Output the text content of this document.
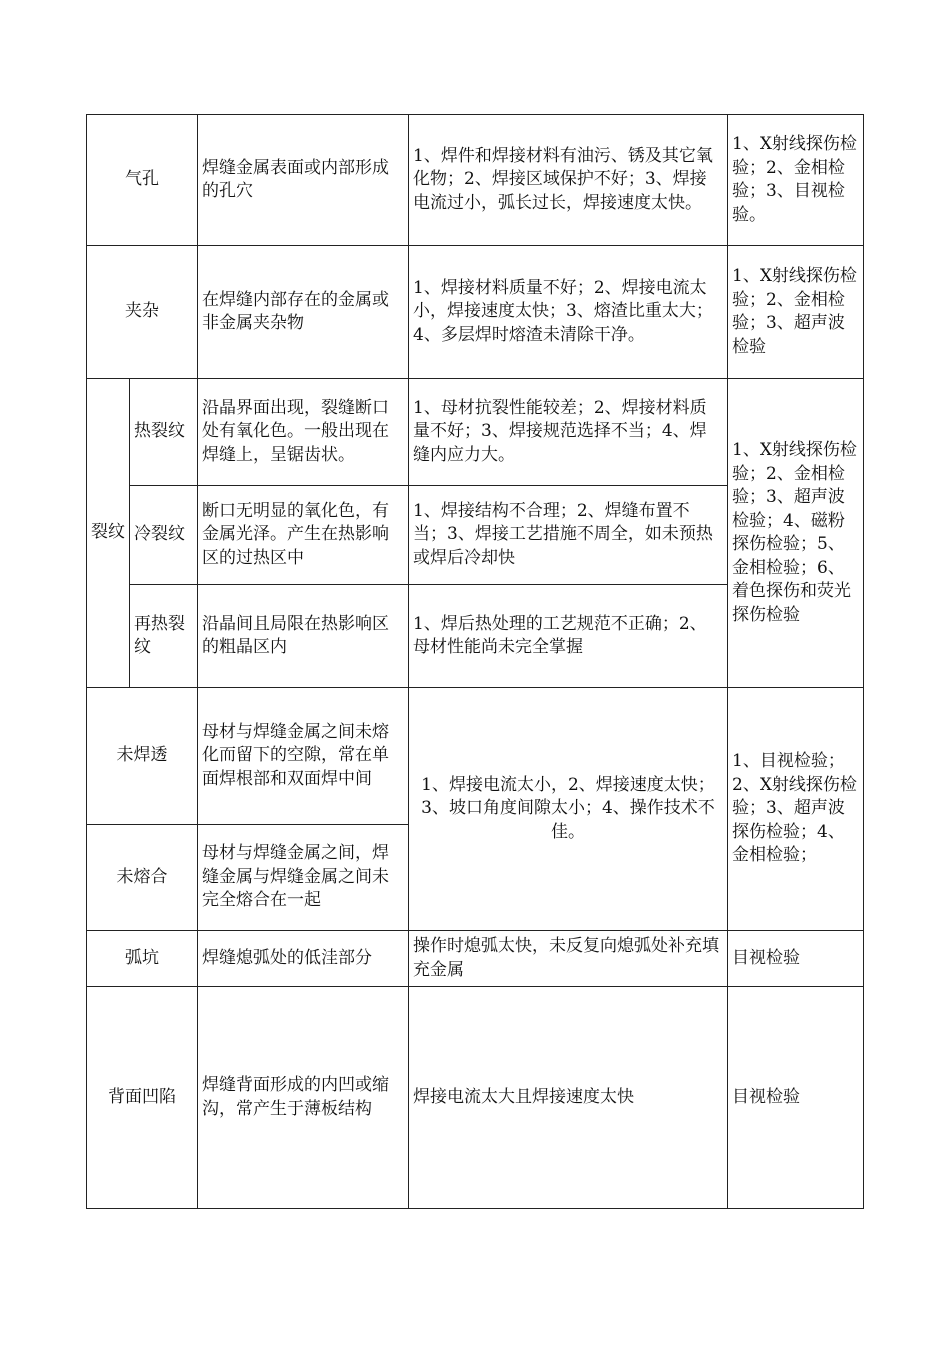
气孔		焊缝金属表面或内部形成的孔穴	1、焊件和焊接材料有油污、锈及其它氧化物；2、焊接区域保护不好；3、焊接电流过小，弧长过长，焊接速度太快。	1、X射线探伤检验；2、金相检验；3、目视检验。
夹杂		在焊缝内部存在的金属或非金属夹杂物	1、焊接材料质量不好；2、焊接电流太小，焊接速度太快；3、熔渣比重太大；4、多层焊时熔渣未清除干净。	1、X射线探伤检验；2、金相检验；3、超声波检验
裂纹	热裂纹	沿晶界面出现，裂缝断口处有氧化色。一般出现在焊缝上，呈锯齿状。	1、母材抗裂性能较差；2、焊接材料质量不好；3、焊接规范选择不当；4、焊缝内应力大。	1、X射线探伤检验；2、金相检验；3、超声波检验；4、磁粉探伤检验；5、金相检验；6、着色探伤和荧光探伤检验
	冷裂纹	断口无明显的氧化色，有金属光泽。产生在热影响区的过热区中	1、焊接结构不合理；2、焊缝布置不当；3、焊接工艺措施不周全，如未预热或焊后冷却快	
	再热裂纹	沿晶间且局限在热影响区的粗晶区内	1、焊后热处理的工艺规范不正确；2、母材性能尚未完全掌握	
未焊透		母材与焊缝金属之间未熔化而留下的空隙，常在单面焊根部和双面焊中间	1、焊接电流太小，2、焊接速度太快；3、坡口角度间隙太小；4、操作技术不佳。	1、目视检验；2、X射线探伤检验；3、超声波探伤检验；4、金相检验；
未熔合		母材与焊缝金属之间，焊缝金属与焊缝金属之间未完全熔合在一起		
弧坑		焊缝熄弧处的低洼部分	操作时熄弧太快，未反复向熄弧处补充填充金属	目视检验
背面凹陷		焊缝背面形成的内凹或缩沟，常产生于薄板结构	焊接电流太大且焊接速度太快	目视检验
